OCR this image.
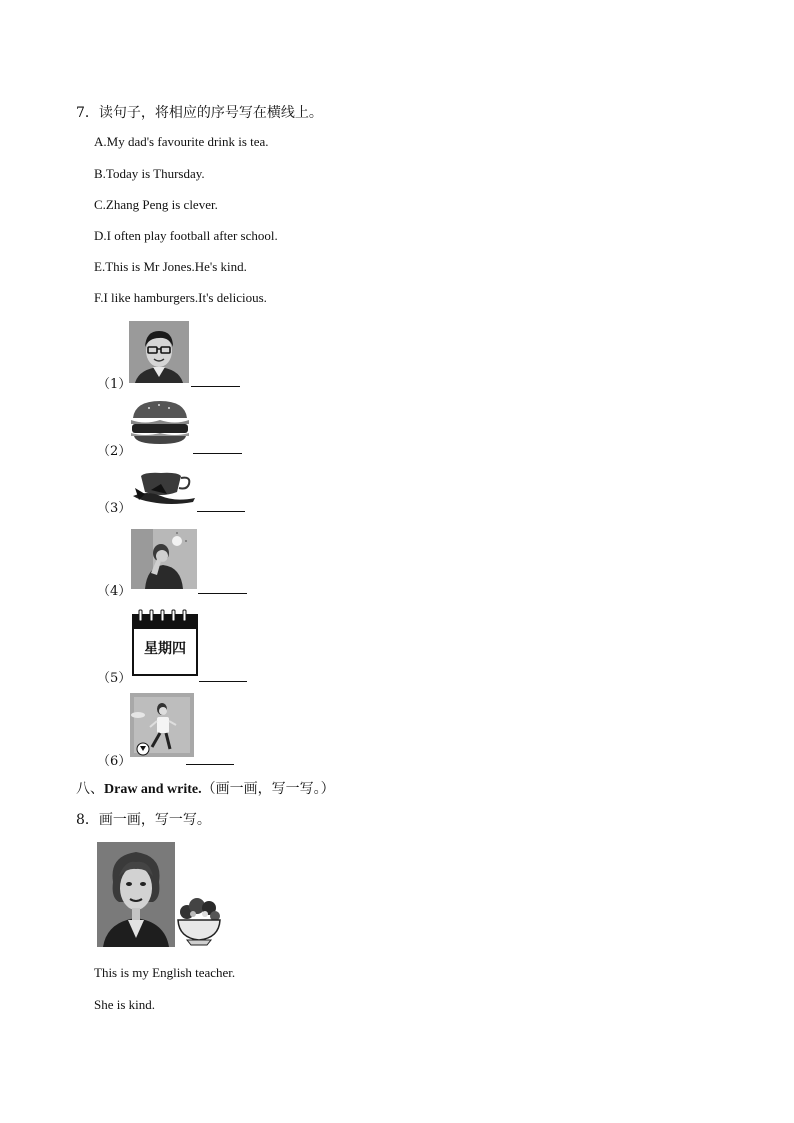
7．读句子，将相应的序号写在横线上。
A.My dad's favourite drink is tea.
B.Today is Thursday.
C.Zhang Peng is clever.
D.I often play football after school.
E.This is Mr Jones.He's kind.
F.I like hamburgers.It's delicious.
（1）
（2）
（3）
（4）
星期四
（5）
（6）
八、Draw and write.（画一画，写一写。）
8．画一画，写一写。
This is my English teacher.
She is kind.
